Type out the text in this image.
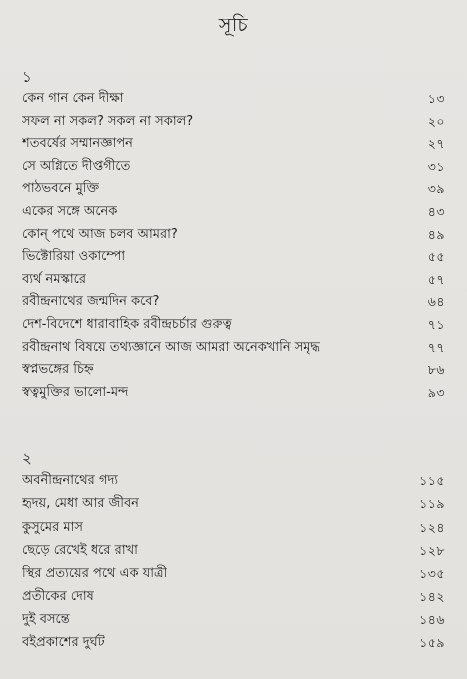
সূচি
১
কেন গান কেন দীক্ষা	১৩
সফল না সকল? সকল না সকাল?	২০
শতবর্ষের সম্মানজ্ঞাপন	২৭
সে অগ্নিতে দীপ্তগীতে	৩১
পাঠভবনে মুক্তি	৩৯
একের সঙ্গে অনেক	৪৩
কোন্ পথে আজ চলব আমরা?	৪৯
ভিক্টোরিয়া ওকাম্পো	৫৫
ব্যর্থ নমস্কারে	৫৭
রবীন্দ্রনাথের জন্মদিন কবে?	৬৪
দেশ-বিদেশে ধারাবাহিক রবীন্দ্রচর্চার গুরুত্ব	৭১
রবীন্দ্রনাথ বিষয়ে তথ্যজ্ঞানে আজ আমরা অনেকখানি সমৃদ্ধ	৭৭
স্বপ্নভঙ্গের চিহ্ন	৮৬
স্বত্বমুক্তির ভালো-মন্দ	৯৩
২
অবনীন্দ্রনাথের গদ্য	১১৫
হৃদয়, মেধা আর জীবন	১১৯
কুসুমের মাস	১২৪
ছেড়ে রেখেই ধরে রাখা	১২৮
স্থির প্রত্যয়ের পথে এক যাত্রী	১৩৫
প্রতীকের দোষ	১৪২
দুই বসন্তে	১৪৬
বইপ্রকাশের দুর্ঘট	১৫৯
